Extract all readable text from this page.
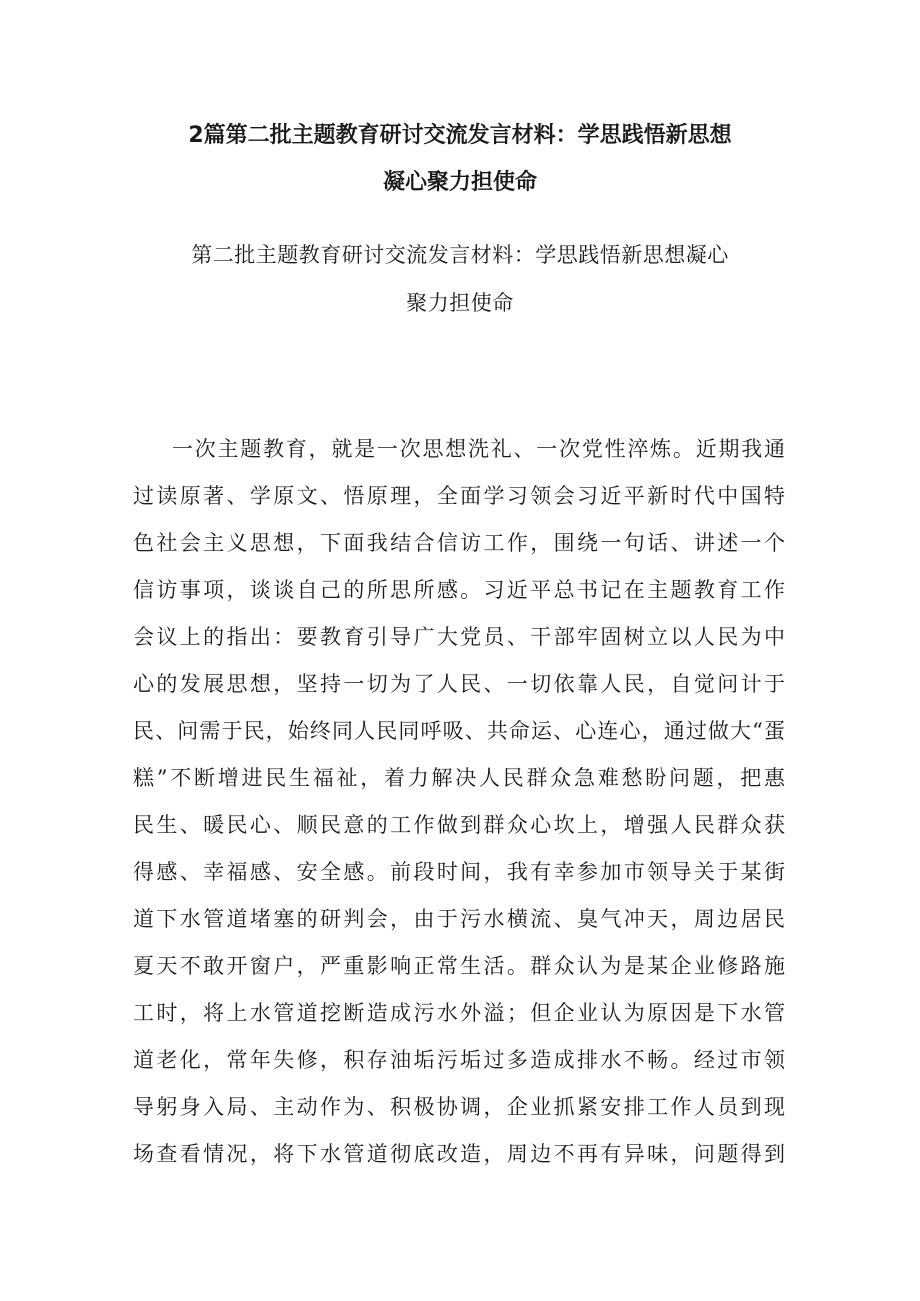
2篇第二批主题教育研讨交流发言材料：学思践悟新思想
凝心聚力担使命
第二批主题教育研讨交流发言材料：学思践悟新思想凝心
聚力担使命
一次主题教育，就是一次思想洗礼、一次党性淬炼。近期我通
过读原著、学原文、悟原理，全面学习领会习近平新时代中国特
色社会主义思想，下面我结合信访工作，围绕一句话、讲述一个
信访事项，谈谈自己的所思所感。习近平总书记在主题教育工作
会议上的指出：要教育引导广大党员、干部牢固树立以人民为中
心的发展思想，坚持一切为了人民、一切依靠人民，自觉问计于
民、问需于民，始终同人民同呼吸、共命运、心连心，通过做大“蛋
糕”不断增进民生福祉，着力解决人民群众急难愁盼问题，把惠
民生、暖民心、顺民意的工作做到群众心坎上，增强人民群众获
得感、幸福感、安全感。前段时间，我有幸参加市领导关于某街
道下水管道堵塞的研判会，由于污水横流、臭气冲天，周边居民
夏天不敢开窗户，严重影响正常生活。群众认为是某企业修路施
工时，将上水管道挖断造成污水外溢；但企业认为原因是下水管
道老化，常年失修，积存油垢污垢过多造成排水不畅。经过市领
导躬身入局、主动作为、积极协调，企业抓紧安排工作人员到现
场查看情况，将下水管道彻底改造，周边不再有异味，问题得到
